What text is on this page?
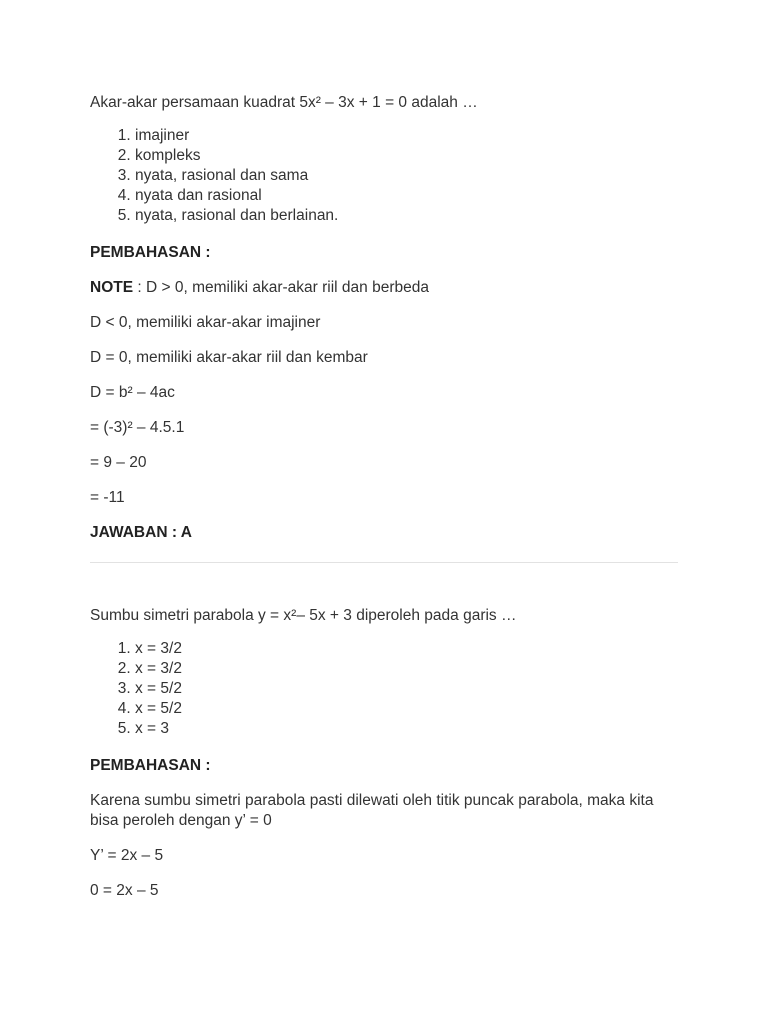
Akar-akar persamaan kuadrat 5x² – 3x + 1 = 0 adalah …

1. imajiner
2. kompleks
3. nyata, rasional dan sama
4. nyata dan rasional
5. nyata, rasional dan berlainan.

PEMBAHASAN :

NOTE : D > 0, memiliki akar-akar riil dan berbeda

D < 0, memiliki akar-akar imajiner

D = 0, memiliki akar-akar riil dan kembar

D = b² – 4ac

= (-3)² – 4.5.1

= 9 – 20

= -11

JAWABAN : A

Sumbu simetri parabola y = x²– 5x + 3 diperoleh pada garis …

1. x = 3/2
2. x = 3/2
3. x = 5/2
4. x = 5/2
5. x = 3

PEMBAHASAN :

Karena sumbu simetri parabola pasti dilewati oleh titik puncak parabola, maka kita bisa peroleh dengan y’ = 0

Y’ = 2x – 5

0 = 2x – 5
